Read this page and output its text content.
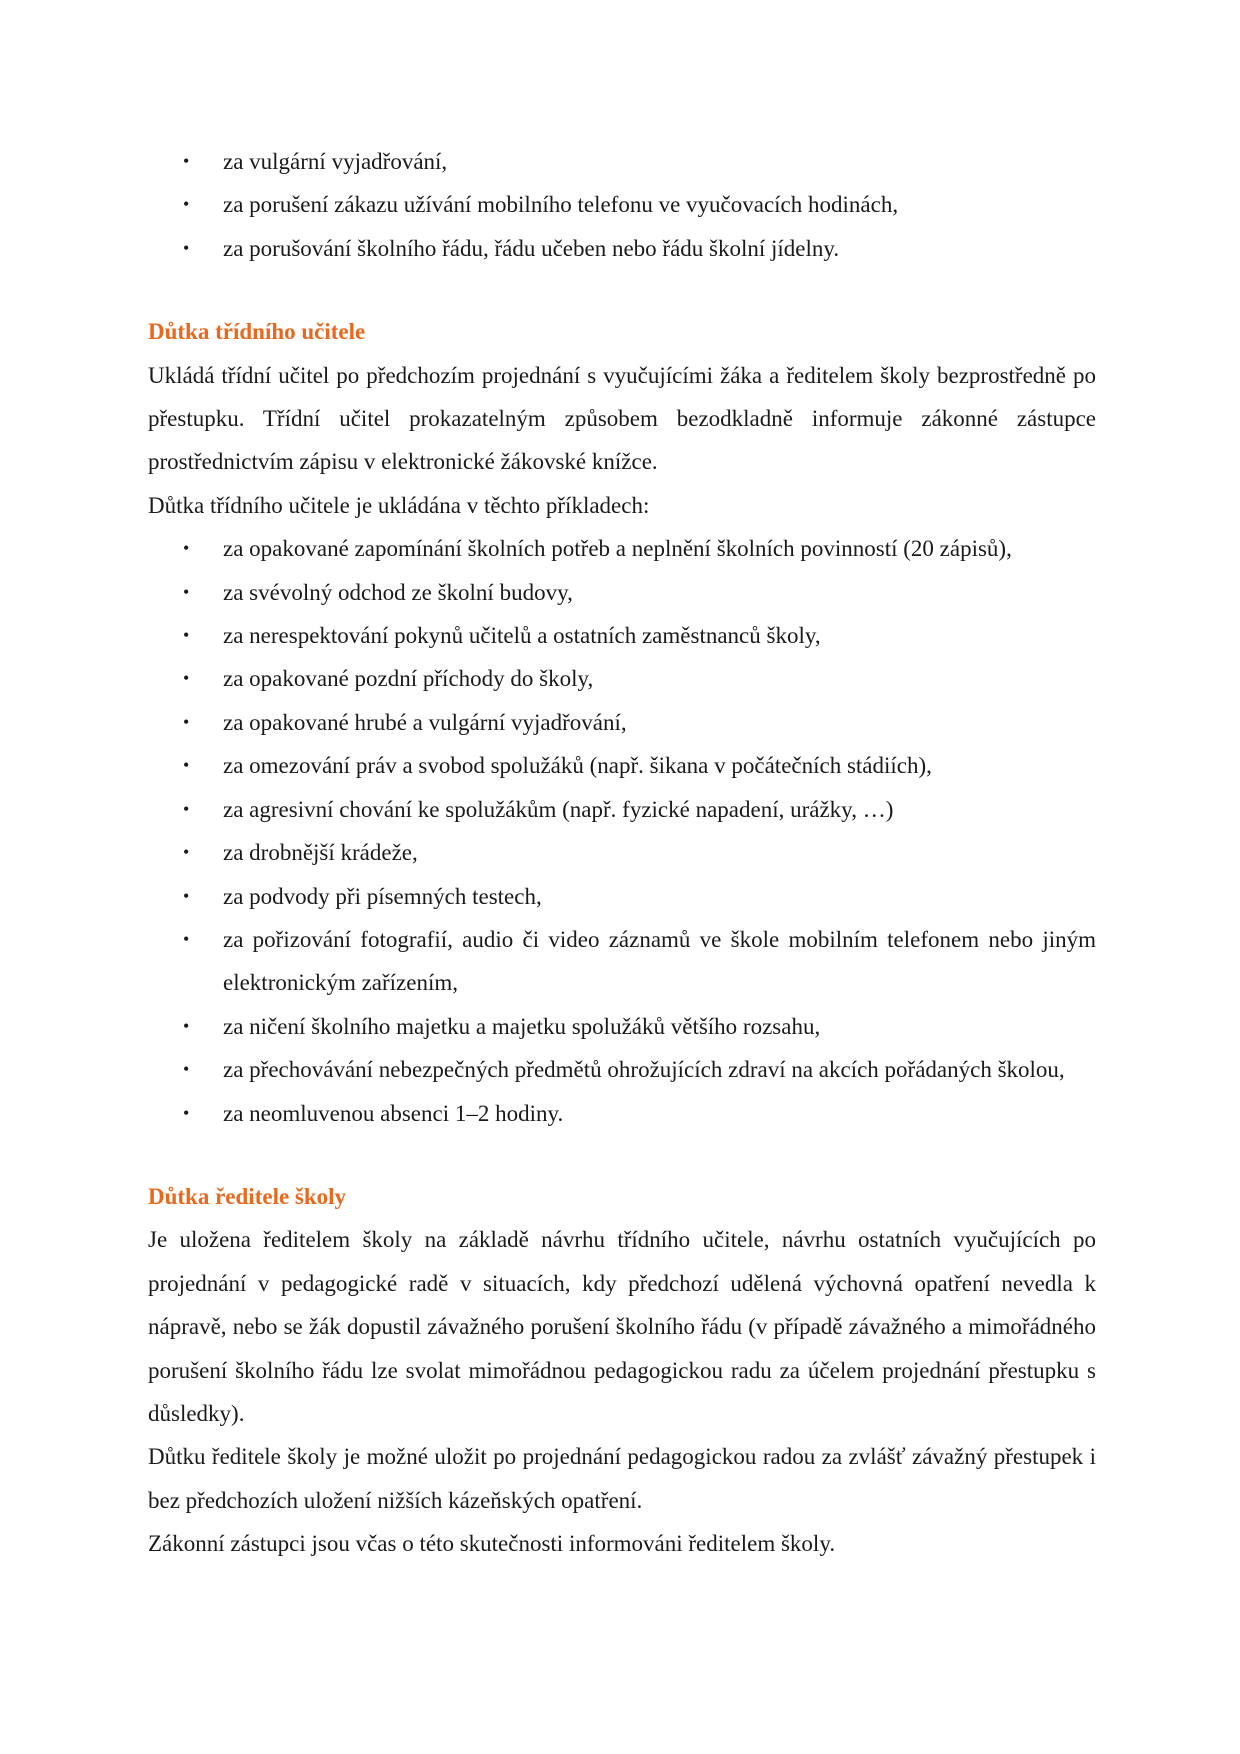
• za vulgární vyjadřování,
• za porušení zákazu užívání mobilního telefonu ve vyučovacích hodinách,
• za porušování školního řádu, řádu učeben nebo řádu školní jídelny.
Důtka třídního učitele

Ukládá třídní učitel po předchozím projednání s vyučujícími žáka a ředitelem školy bezprostředně po přestupku. Třídní učitel prokazatelným způsobem bezodkladně informuje zákonné zástupce prostřednictvím zápisu v elektronické žákovské knížce.

Důtka třídního učitele je ukládána v těchto příkladech:

• za opakované zapomínání školních potřeb a neplnění školních povinností (20 zápisů),
• za svévolný odchod ze školní budovy,
• za nerespektování pokynů učitelů a ostatních zaměstnanců školy,
• za opakované pozdní příchody do školy,
• za opakované hrubé a vulgární vyjadřování,
• za omezování práv a svobod spolužáků (např. šikana v počátečních stádiích),
• za agresivní chování ke spolužákům (např. fyzické napadení, urážky, …)
• za drobnější krádeže,
• za podvody při písemných testech,
• za pořizování fotografií, audio či video záznamů ve škole mobilním telefonem nebo jiným elektronickým zařízením,
• za ničení školního majetku a majetku spolužáků většího rozsahu,
• za přechovávání nebezpečných předmětů ohrožujících zdraví na akcích pořádaných školou,
• za neomluvenou absenci 1–2 hodiny.
Důtka ředitele školy

Je uložena ředitelem školy na základě návrhu třídního učitele, návrhu ostatních vyučujících po projednání v pedagogické radě v situacích, kdy předchozí udělená výchovná opatření nevedla k nápravě, nebo se žák dopustil závažného porušení školního řádu (v případě závažného a mimořádného porušení školního řádu lze svolat mimořádnou pedagogickou radu za účelem projednání přestupku s důsledky).

Důtku ředitele školy je možné uložit po projednání pedagogickou radou za zvlášť závažný přestupek i bez předchozích uložení nižších kázeňských opatření.

Zákonní zástupci jsou včas o této skutečnosti informováni ředitelem školy.
